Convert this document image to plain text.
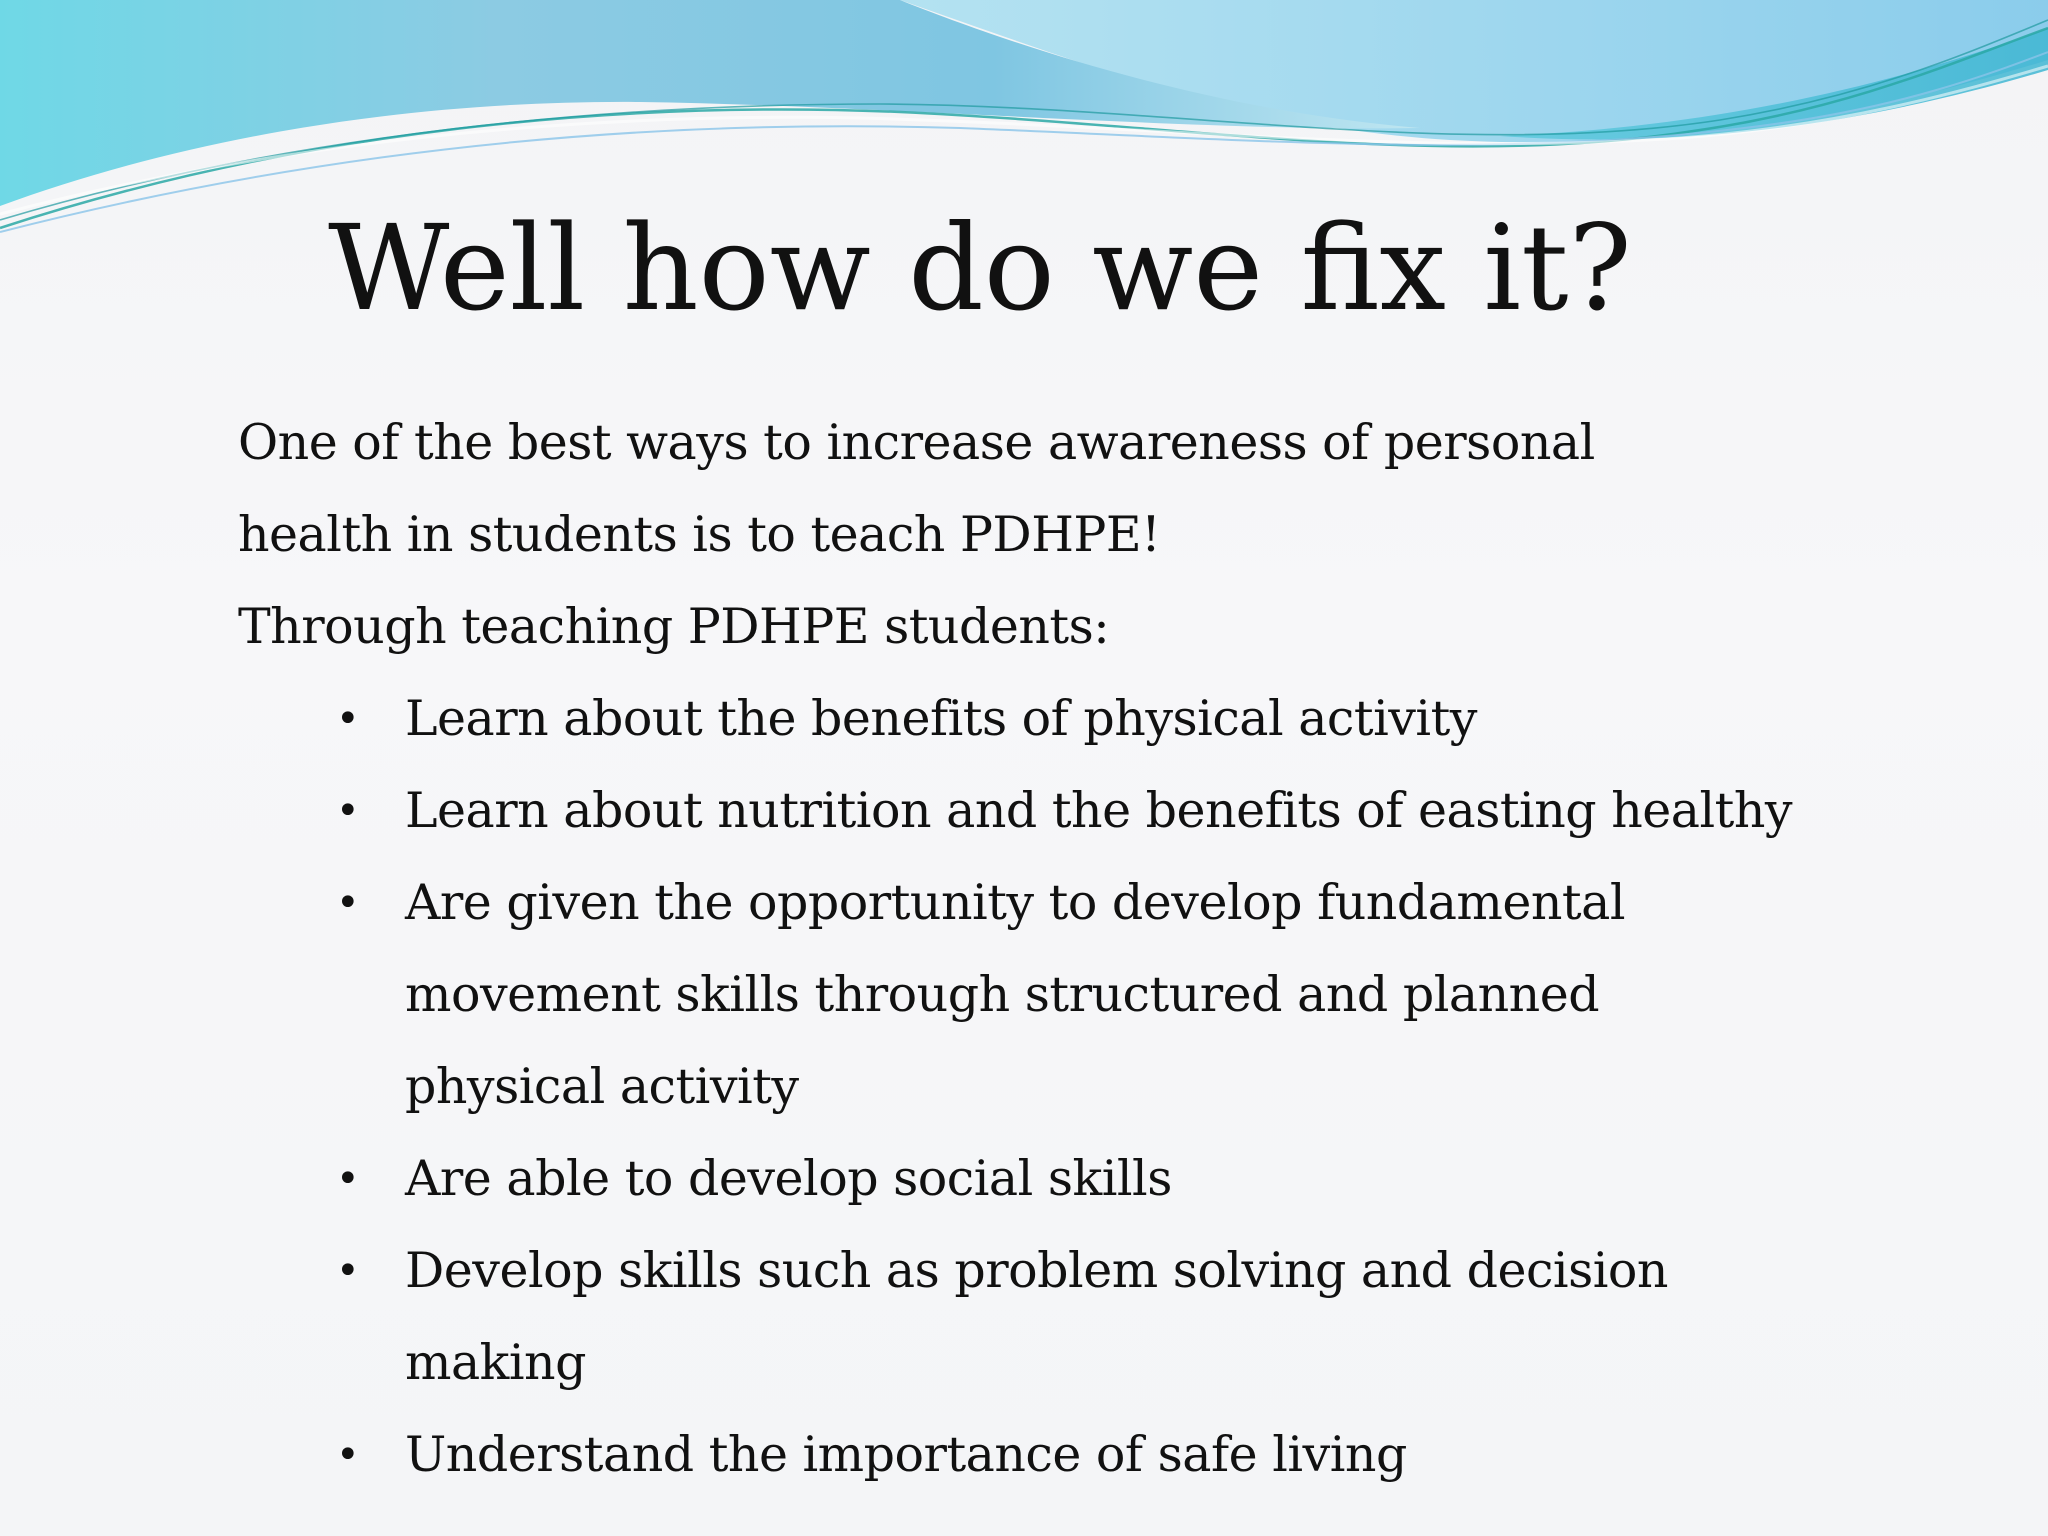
Well how do we fix it?

One of the best ways to increase awareness of personal health in students is to teach PDHPE!

Through teaching PDHPE students:

• Learn about the benefits of physical activity
• Learn about nutrition and the benefits of easting healthy
• Are given the opportunity to develop fundamental movement skills through structured and planned physical activity
• Are able to develop social skills
• Develop skills such as problem solving and decision making
• Understand the importance of safe living
